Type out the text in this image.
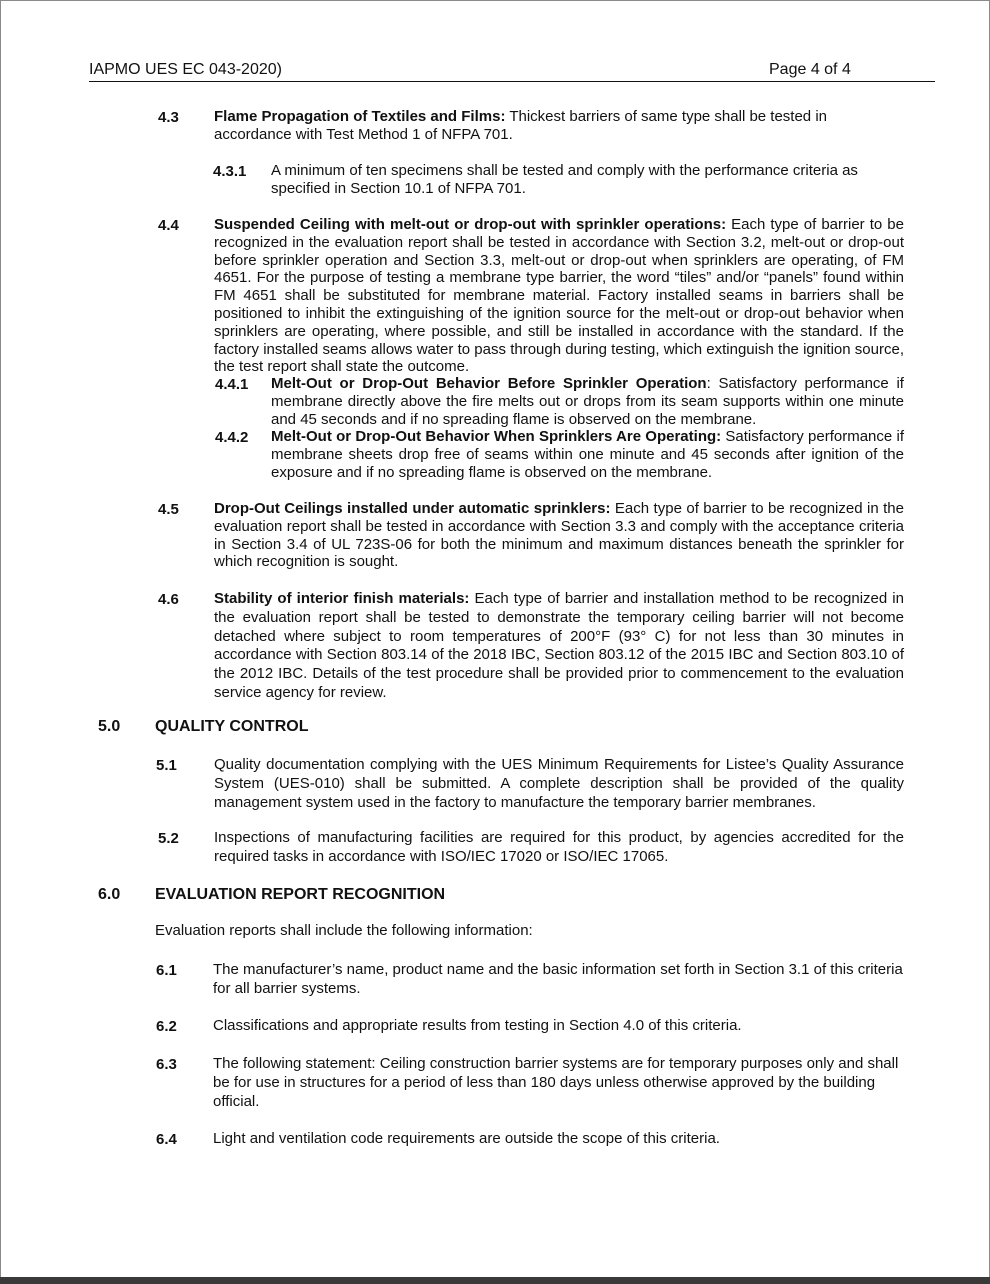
IAPMO UES EC 043-2020)	Page 4 of 4
4.3 Flame Propagation of Textiles and Films: Thickest barriers of same type shall be tested in accordance with Test Method 1 of NFPA 701.
4.3.1 A minimum of ten specimens shall be tested and comply with the performance criteria as specified in Section 10.1 of NFPA 701.
4.4 Suspended Ceiling with melt-out or drop-out with sprinkler operations: Each type of barrier to be recognized in the evaluation report shall be tested in accordance with Section 3.2, melt-out or drop-out before sprinkler operation and Section 3.3, melt-out or drop-out when sprinklers are operating, of FM 4651. For the purpose of testing a membrane type barrier, the word “tiles” and/or “panels” found within FM 4651 shall be substituted for membrane material. Factory installed seams in barriers shall be positioned to inhibit the extinguishing of the ignition source for the melt-out or drop-out behavior when sprinklers are operating, where possible, and still be installed in accordance with the standard. If the factory installed seams allows water to pass through during testing, which extinguish the ignition source, the test report shall state the outcome.
4.4.1 Melt-Out or Drop-Out Behavior Before Sprinkler Operation: Satisfactory performance if membrane directly above the fire melts out or drops from its seam supports within one minute and 45 seconds and if no spreading flame is observed on the membrane.
4.4.2 Melt-Out or Drop-Out Behavior When Sprinklers Are Operating: Satisfactory performance if membrane sheets drop free of seams within one minute and 45 seconds after ignition of the exposure and if no spreading flame is observed on the membrane.
4.5 Drop-Out Ceilings installed under automatic sprinklers: Each type of barrier to be recognized in the evaluation report shall be tested in accordance with Section 3.3 and comply with the acceptance criteria in Section 3.4 of UL 723S-06 for both the minimum and maximum distances beneath the sprinkler for which recognition is sought.
4.6 Stability of interior finish materials: Each type of barrier and installation method to be recognized in the evaluation report shall be tested to demonstrate the temporary ceiling barrier will not become detached where subject to room temperatures of 200°F (93° C) for not less than 30 minutes in accordance with Section 803.14 of the 2018 IBC, Section 803.12 of the 2015 IBC and Section 803.10 of the 2012 IBC. Details of the test procedure shall be provided prior to commencement to the evaluation service agency for review.
5.0 QUALITY CONTROL
5.1 Quality documentation complying with the UES Minimum Requirements for Listee’s Quality Assurance System (UES-010) shall be submitted. A complete description shall be provided of the quality management system used in the factory to manufacture the temporary barrier membranes.
5.2 Inspections of manufacturing facilities are required for this product, by agencies accredited for the required tasks in accordance with ISO/IEC 17020 or ISO/IEC 17065.
6.0 EVALUATION REPORT RECOGNITION
Evaluation reports shall include the following information:
6.1 The manufacturer’s name, product name and the basic information set forth in Section 3.1 of this criteria for all barrier systems.
6.2 Classifications and appropriate results from testing in Section 4.0 of this criteria.
6.3 The following statement: Ceiling construction barrier systems are for temporary purposes only and shall be for use in structures for a period of less than 180 days unless otherwise approved by the building official.
6.4 Light and ventilation code requirements are outside the scope of this criteria.
